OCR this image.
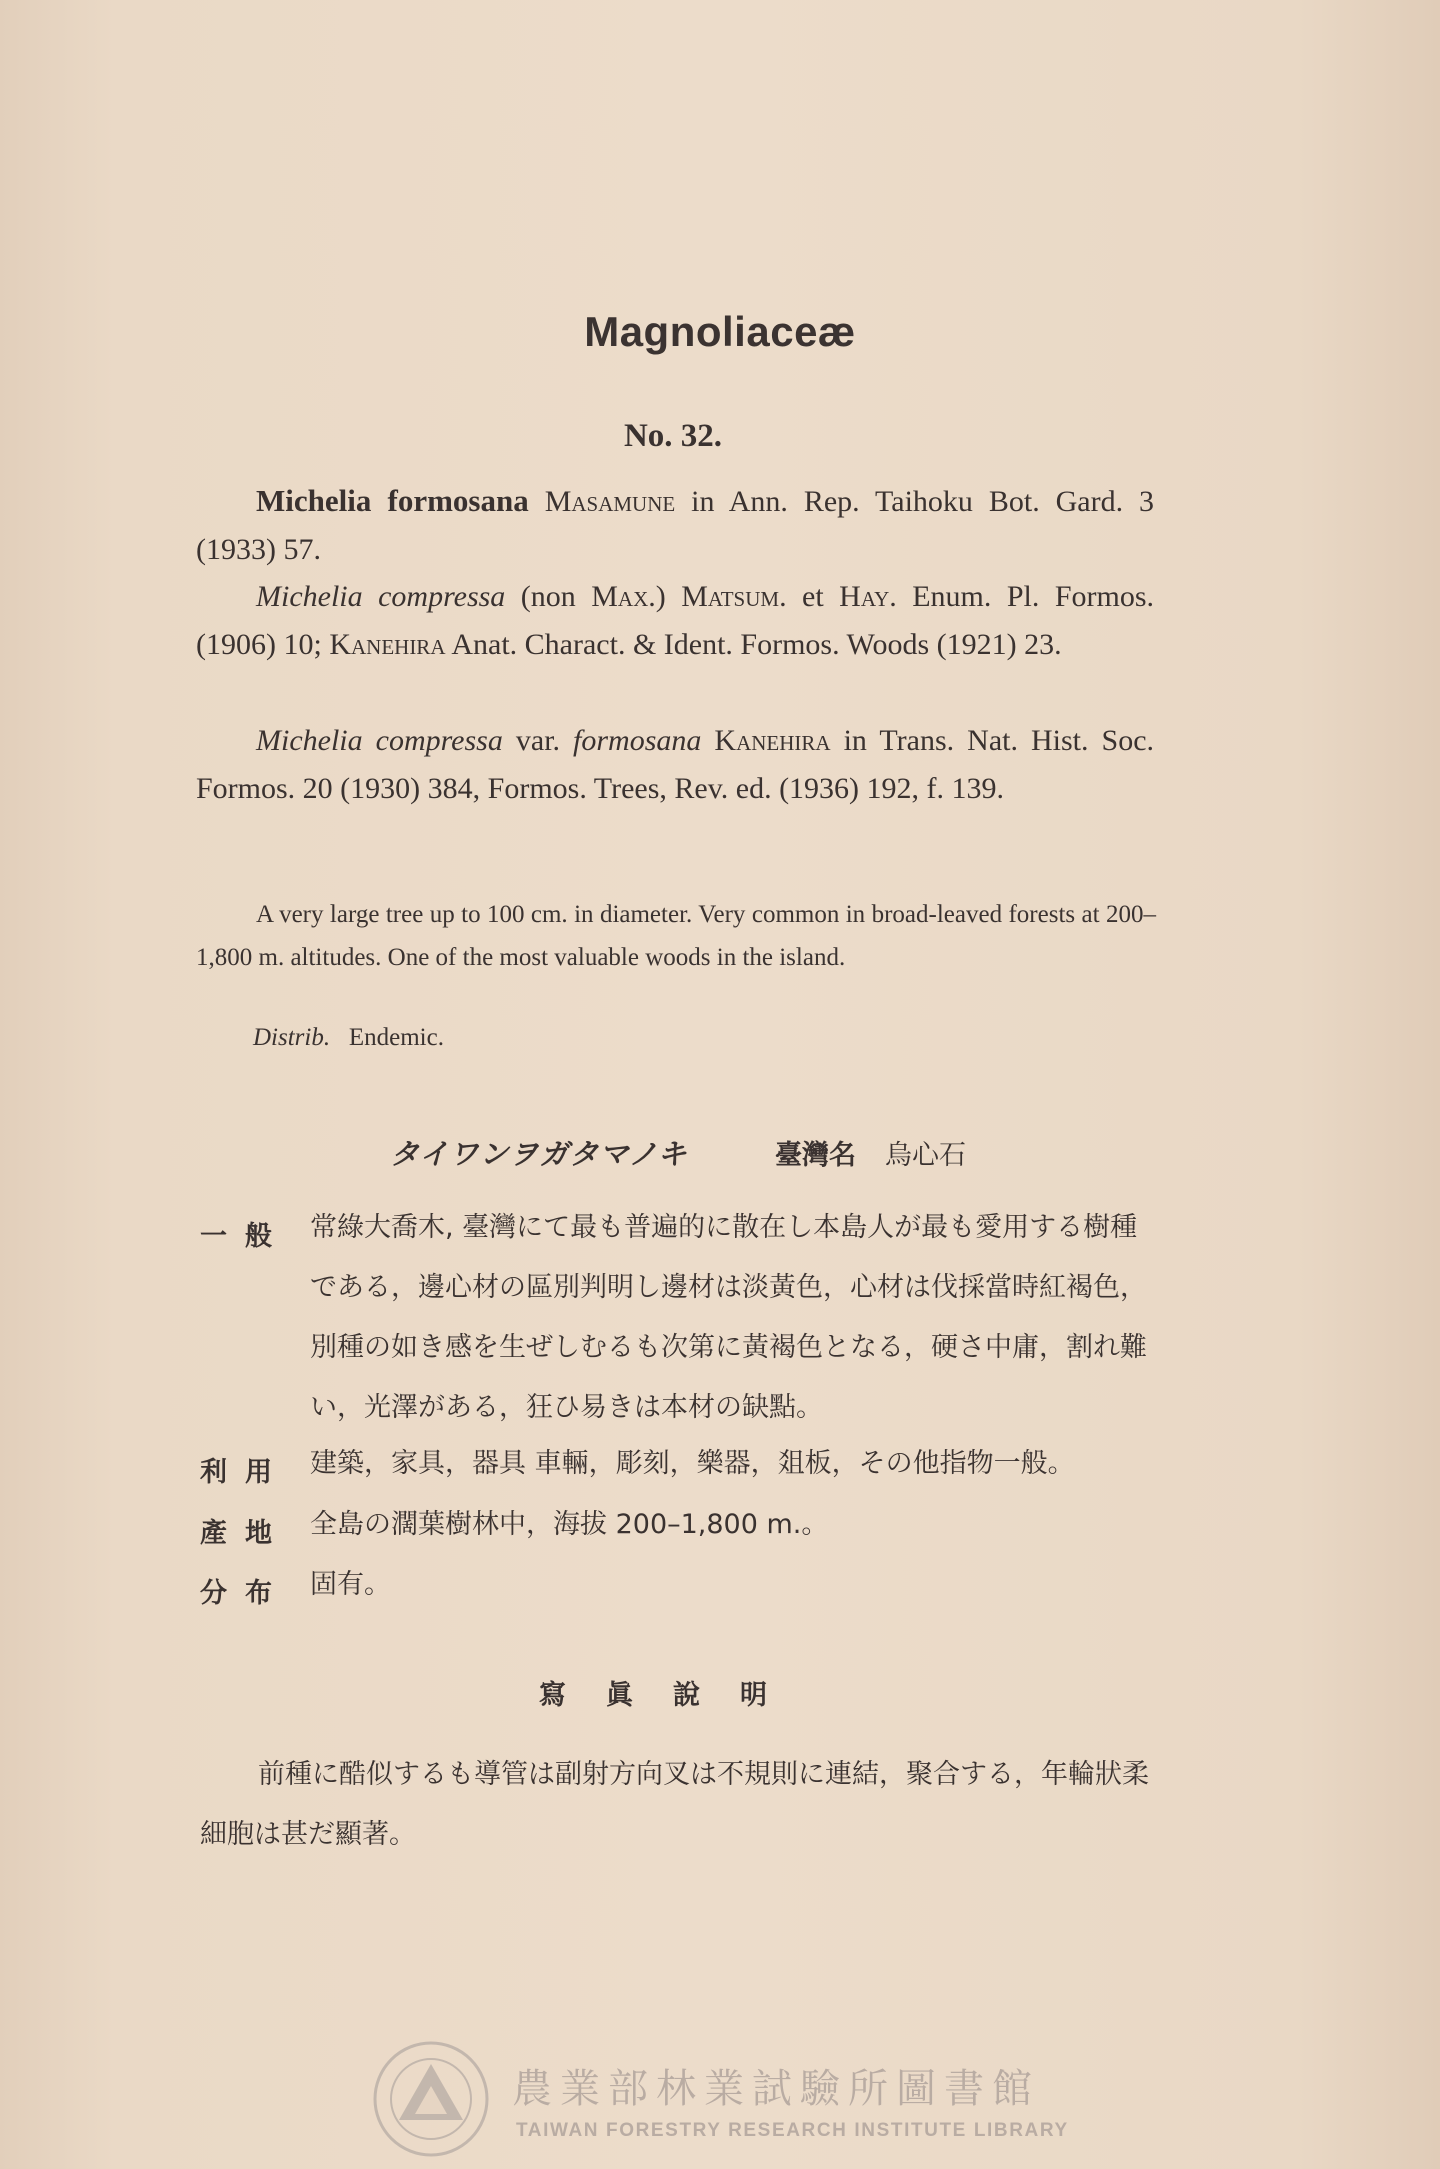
Magnoliaceæ
No. 32.
Michelia formosana Masamune in Ann. Rep. Taihoku Bot. Gard. 3 (1933) 57.
Michelia compressa (non Max.) Matsum. et Hay. Enum. Pl. Formos. (1906) 10; Kanehira Anat. Charact. & Ident. Formos. Woods (1921) 23.
Michelia compressa var. formosana Kanehira in Trans. Nat. Hist. Soc. Formos. 20 (1930) 384, Formos. Trees, Rev. ed. (1936) 192, f. 139.
A very large tree up to 100 cm. in diameter. Very common in broad-leaved forests at 200–1,800 m. altitudes. One of the most valuable woods in the island.
Distrib. Endemic.
タイワンヲガタマノキ	臺灣名 烏心石
一般 常綠大喬木, 臺灣にて最も普遍的に散在し本島人が最も愛用する樹種である，邊心材の區別判明し邊材は淡黃色，心材は伐採當時紅褐色，別種の如き感を生ぜしむるも次第に黃褐色となる，硬さ中庸，割れ難い，光澤がある，狂ひ易きは本材の缺點。
利用 建築，家具，器具 車輛，彫刻，樂器，爼板，その他指物一般。
產地 全島の濶葉樹林中，海拔 200–1,800 m.。
分布 固有。
寫眞說明
前種に酷似するも導管は副射方向叉は不規則に連結，聚合する，年輪狀柔細胞は甚だ顯著。
農業部林業試驗所圖書館
TAIWAN FORESTRY RESEARCH INSTITUTE LIBRARY
